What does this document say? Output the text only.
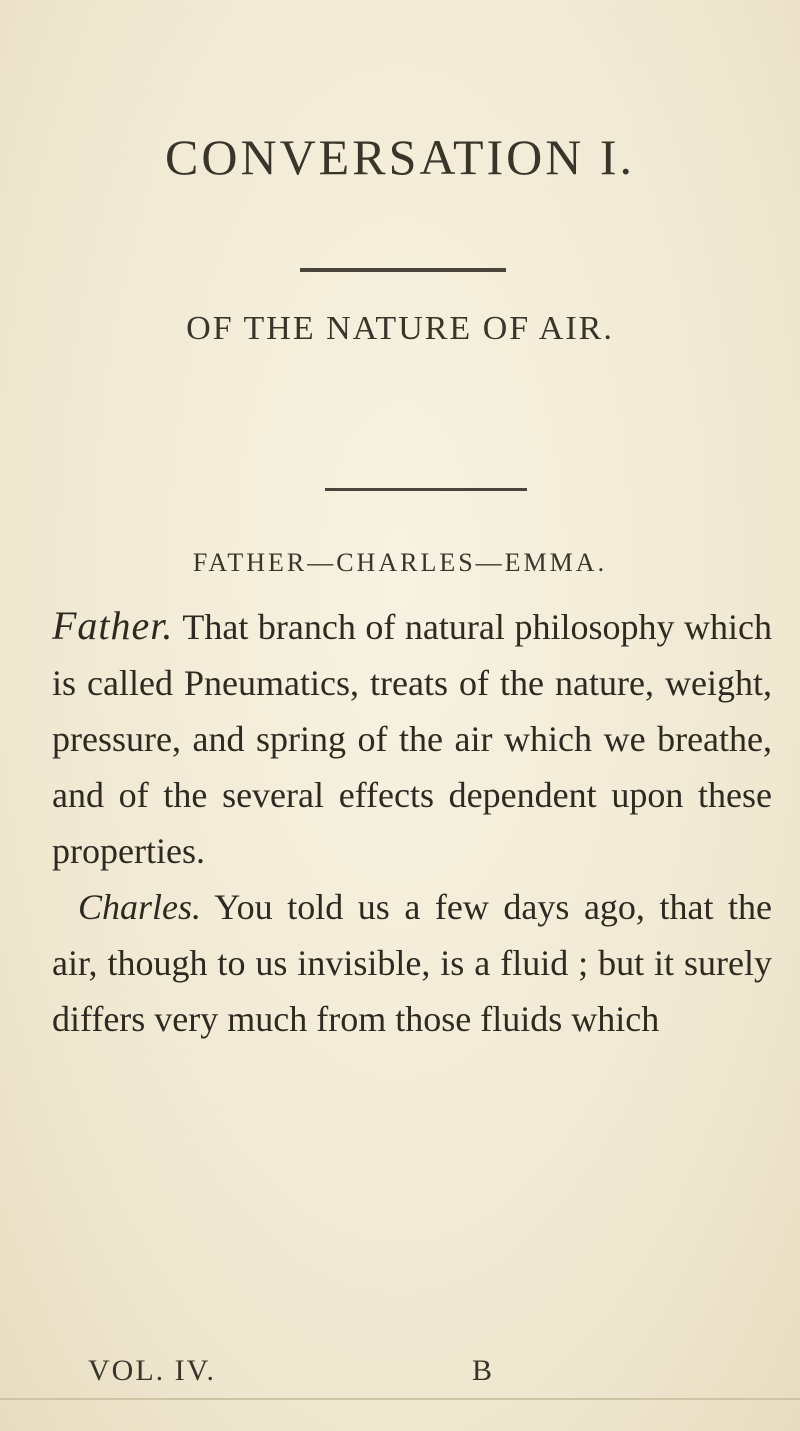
CONVERSATION I.
OF THE NATURE OF AIR.
FATHER—CHARLES—EMMA.

Father. That branch of natural philosophy which is called Pneumatics, treats of the nature, weight, pressure, and spring of the air which we breathe, and of the several effects dependent upon these properties.

Charles. You told us a few days ago, that the air, though to us invisible, is a fluid ; but it surely differs very much from those fluids which

VOL. IV.	B
